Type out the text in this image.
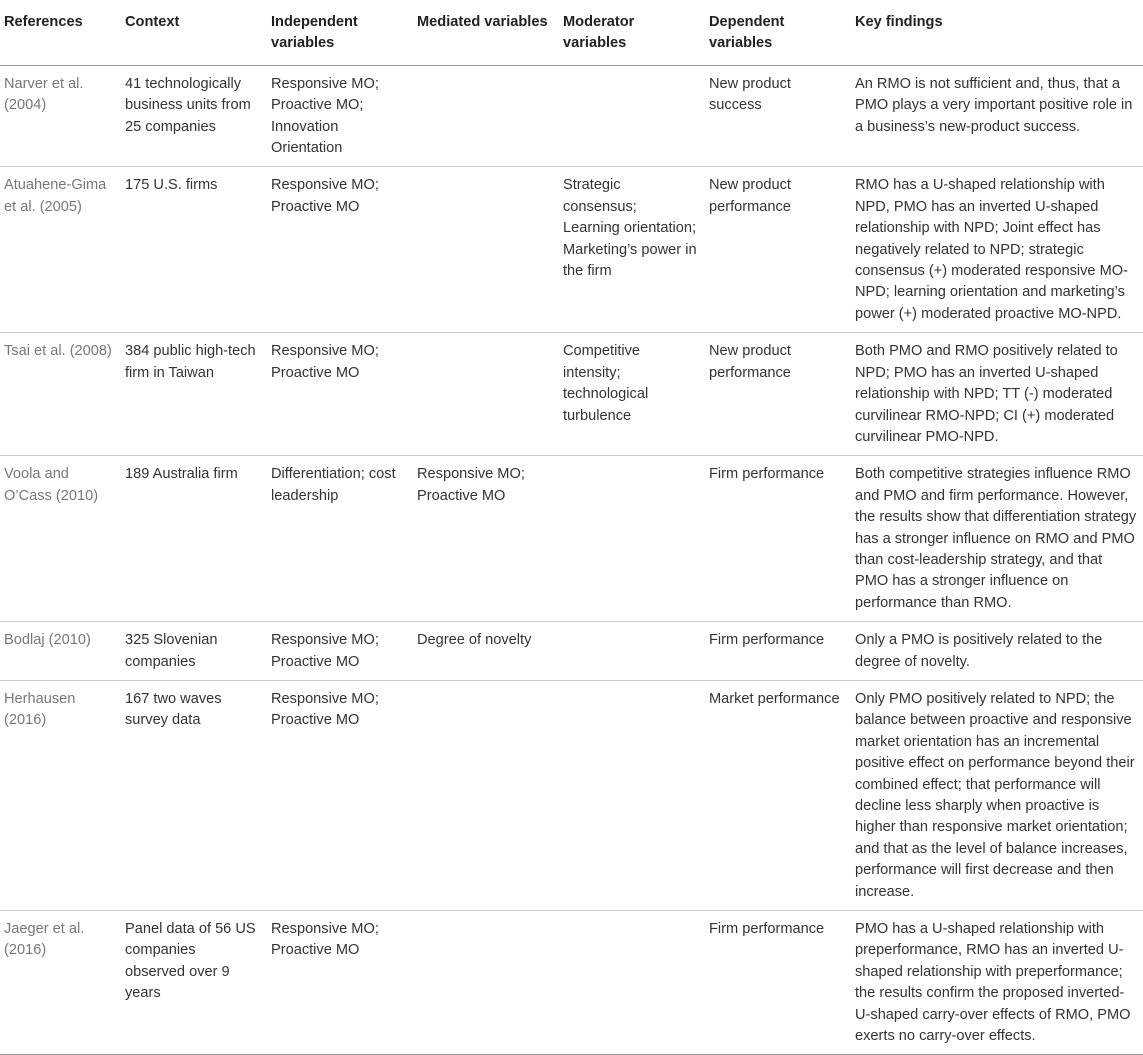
References	Context	Independent variables	Mediated variables	Moderator variables	Dependent variables	Key findings
Narver et al. (2004)	41 technologically business units from 25 companies	Responsive MO; Proactive MO; Innovation Orientation			New product success	An RMO is not sufficient and, thus, that a PMO plays a very important positive role in a business’s new-product success.
Atuahene-Gima et al. (2005)	175 U.S. firms	Responsive MO; Proactive MO		Strategic consensus; Learning orientation; Marketing’s power in the firm	New product performance	RMO has a U-shaped relationship with NPD, PMO has an inverted U-shaped relationship with NPD; Joint effect has negatively related to NPD; strategic consensus (+) moderated responsive MO-NPD; learning orientation and marketing’s power (+) moderated proactive MO-NPD.
Tsai et al. (2008)	384 public high-tech firm in Taiwan	Responsive MO; Proactive MO		Competitive intensity; technological turbulence	New product performance	Both PMO and RMO positively related to NPD; PMO has an inverted U-shaped relationship with NPD; TT (-) moderated curvilinear RMO-NPD; CI (+) moderated curvilinear PMO-NPD.
Voola and O’Cass (2010)	189 Australia firm	Differentiation; cost leadership	Responsive MO; Proactive MO		Firm performance	Both competitive strategies influence RMO and PMO and firm performance. However, the results show that differentiation strategy has a stronger influence on RMO and PMO than cost-leadership strategy, and that PMO has a stronger influence on performance than RMO.
Bodlaj (2010)	325 Slovenian companies	Responsive MO; Proactive MO	Degree of novelty		Firm performance	Only a PMO is positively related to the degree of novelty.
Herhausen (2016)	167 two waves survey data	Responsive MO; Proactive MO			Market performance	Only PMO positively related to NPD; the balance between proactive and responsive market orientation has an incremental positive effect on performance beyond their combined effect; that performance will decline less sharply when proactive is higher than responsive market orientation; and that as the level of balance increases, performance will first decrease and then increase.
Jaeger et al. (2016)	Panel data of 56 US companies observed over 9 years	Responsive MO; Proactive MO			Firm performance	PMO has a U-shaped relationship with preperformance, RMO has an inverted U-shaped relationship with preperformance; the results confirm the proposed inverted-U-shaped carry-over effects of RMO, PMO exerts no carry-over effects.
